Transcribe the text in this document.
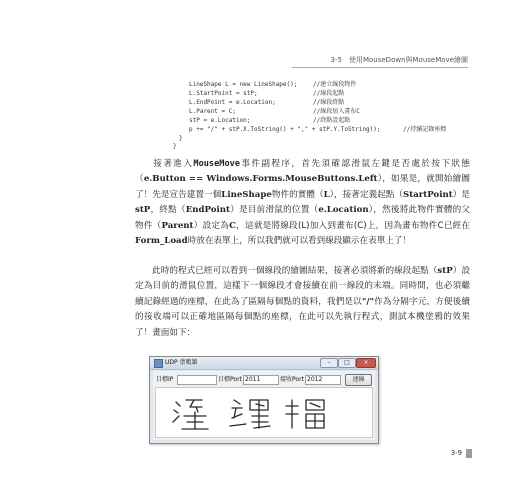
3-5　使用MouseDown與MouseMove繪圖
LineShape L = new LineShape();	//建立線段物件
L.StartPoint = stP;	//線段起點
L.EndPoint = e.Location;	//線段終點
L.Parent = C;	//線段加入畫布C
stP = e.Location;	//終點設起點
p += "/" + stP.X.ToString() + "," + stP.Y.ToString();	//持續記錄座標
}
}
接著進入MouseMove事件副程序，首先須確認滑鼠左鍵是否處於按下狀態（e.Button == Windows.Forms.MouseButtons.Left），如果是，就開始繪圖了！先是宣告建置一個LineShape物件的實體（L），接著定義起點（StartPoint）是stP，終點（EndPoint）是目前滑鼠的位置（e.Location），然後將此物件實體的父物件（Parent）設定為C，這就是將線段(L)加入到畫布(C)上，因為畫布物件C已經在Form_Load時放在表單上，所以我們就可以看到線段顯示在表單上了！
此時的程式已經可以看到一個線段的繪圖結果，接著必須將新的線段起點（stP）設定為目前的滑鼠位置，這樣下一個線段才會接續在前一線段的末端。同時間，也必須繼續記錄經過的座標，在此為了區隔每個點的資料，我們是以"/"作為分隔字元，方便後續的接收端可以正確地區隔每個點的座標，在此可以先執行程式，測試本機塗鴉的效果了！畫面如下：
UDP 塗鴉牆	–	□	×
目標IP	目標Port 2011	接收Port 2012	連線
3-9
